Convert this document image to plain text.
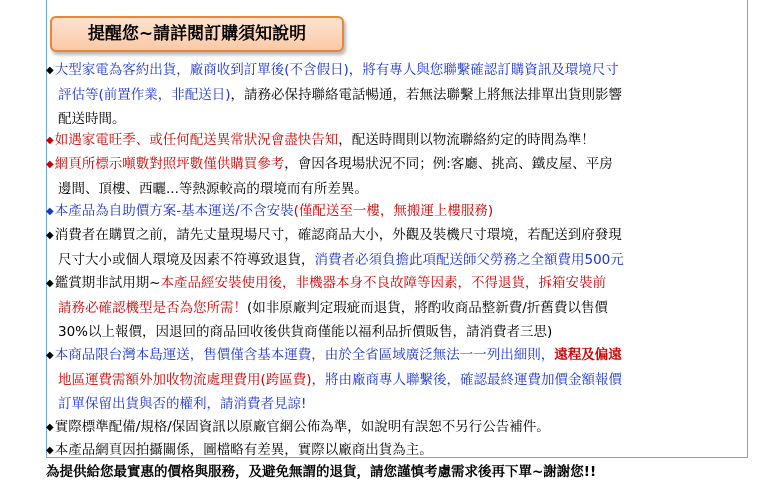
提醒您~請詳閱訂購須知說明
◆大型家電為客約出貨，廠商收到訂單後(不含假日)，將有專人與您聯繫確認訂購資訊及環境尺寸
評估等(前置作業，非配送日)，請務必保持聯絡電話暢通，若無法聯繫上將無法排單出貨則影響
配送時間。
◆如遇家電旺季、或任何配送異常狀況會盡快告知，配送時間則以物流聯絡約定的時間為準！
◆網頁所標示噸數對照坪數僅供購買參考，會因各現場狀況不同；例:客廳、挑高、鐵皮屋、平房
邊間、頂樓、西曬...等熱源較高的環境而有所差異。
◆本產品為自助價方案-基本運送/不含安裝(僅配送至一樓，無搬運上樓服務)
◆消費者在購買之前，請先丈量現場尺寸，確認商品大小，外觀及裝機尺寸環境，若配送到府發現
尺寸大小或個人環境及因素不符導致退貨，消費者必須負擔此項配送師父勞務之全額費用500元
◆鑑賞期非試用期~本產品經安裝使用後，非機器本身不良故障等因素，不得退貨，拆箱安裝前
請務必確認機型是否為您所需！(如非原廠判定瑕疵而退貨，將酌收商品整新費/折舊費以售價
30%以上報價，因退回的商品回收後供貨商僅能以福利品折價販售，請消費者三思)
◆本商品限台灣本島運送，售價僅含基本運費，由於全省區域廣泛無法一一列出細則，遠程及偏遠
地區運費需額外加收物流處理費用(跨區費)，將由廠商專人聯繫後，確認最終運費加價金額報價
訂單保留出貨與否的權利，請消費者見諒!
◆實際標準配備/規格/保固資訊以原廠官網公佈為準，如說明有誤恕不另行公告補件。
◆本產品網頁因拍攝關係，圖檔略有差異，實際以廠商出貨為主。
為提供給您最實惠的價格與服務，及避免無謂的退貨，請您謹慎考慮需求後再下單~謝謝您!!
